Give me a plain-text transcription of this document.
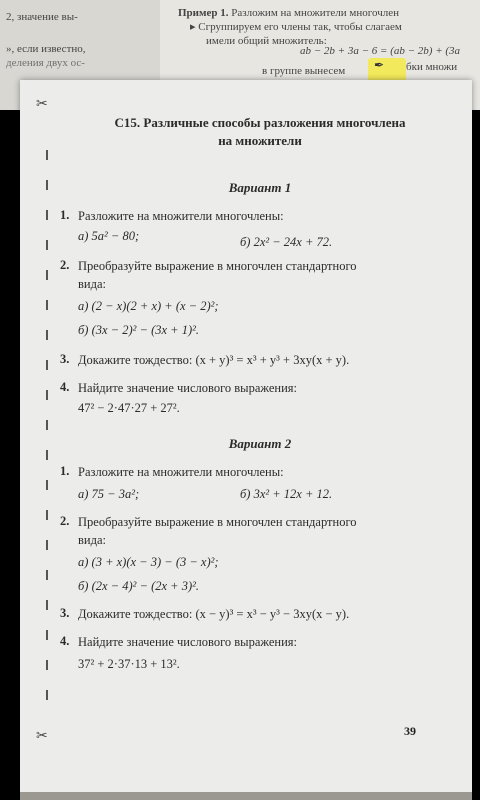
2, значение вы-
», если известно,
деления двух ос-
Пример 1. Разложим на множители многочлен
▸ Сгруппируем его члены так, чтобы слагаем
имели общий множитель:
ab − 2b + 3a − 6 = (ab − 2b) + (3a
в группе вынесем ✒ бки множи
✂
✂
С15. Различные способы разложения многочлена
на множители
Вариант 1
1. Разложите на множители многочлены:
а) 5a² − 80;	б) 2x² − 24x + 72.
2. Преобразуйте выражение в многочлен стандартного
вида:
а) (2 − x)(2 + x) + (x − 2)²;
б) (3x − 2)² − (3x + 1)².
3. Докажите тождество: (x + y)³ = x³ + y³ + 3xy(x + y).
4. Найдите значение числового выражения:
47² − 2·47·27 + 27².
Вариант 2
1. Разложите на множители многочлены:
а) 75 − 3a²;	б) 3x² + 12x + 12.
2. Преобразуйте выражение в многочлен стандартного
вида:
а) (3 + x)(x − 3) − (3 − x)²;
б) (2x − 4)² − (2x + 3)².
3. Докажите тождество: (x − y)³ = x³ − y³ − 3xy(x − y).
4. Найдите значение числового выражения:
37² + 2·37·13 + 13².
39
